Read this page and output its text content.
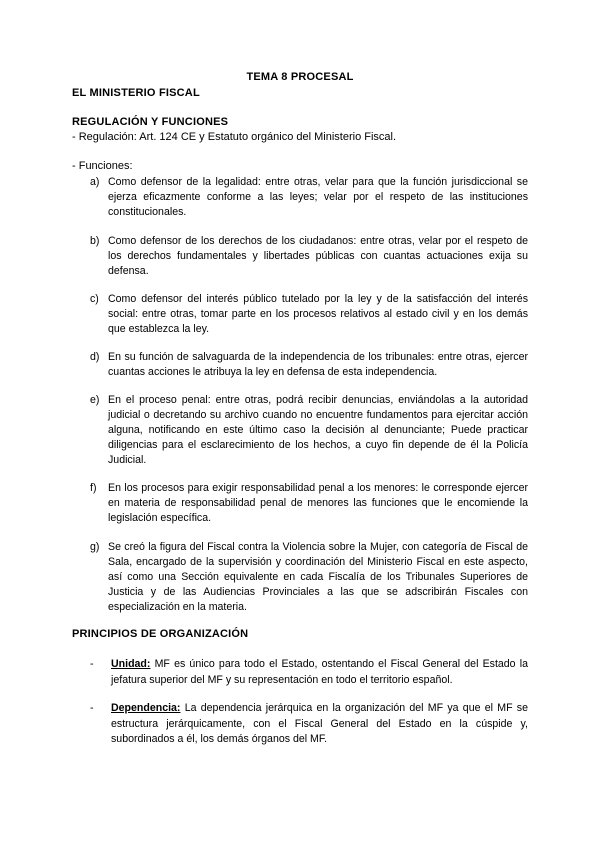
TEMA 8 PROCESAL
EL MINISTERIO FISCAL
REGULACIÓN Y FUNCIONES
- Regulación: Art. 124 CE y Estatuto orgánico del Ministerio Fiscal.
- Funciones:
a) Como defensor de la legalidad: entre otras, velar para que la función jurisdiccional se ejerza eficazmente conforme a las leyes; velar por el respeto de las instituciones constitucionales.
b) Como defensor de los derechos de los ciudadanos: entre otras, velar por el respeto de los derechos fundamentales y libertades públicas con cuantas actuaciones exija su defensa.
c) Como defensor del interés público tutelado por la ley y de la satisfacción del interés social: entre otras, tomar parte en los procesos relativos al estado civil y en los demás que establezca la ley.
d) En su función de salvaguarda de la independencia de los tribunales: entre otras, ejercer cuantas acciones le atribuya la ley en defensa de esta independencia.
e) En el proceso penal: entre otras, podrá recibir denuncias, enviándolas a la autoridad judicial o decretando su archivo cuando no encuentre fundamentos para ejercitar acción alguna, notificando en este último caso la decisión al denunciante; Puede practicar diligencias para el esclarecimiento de los hechos, a cuyo fin depende de él la Policía Judicial.
f) En los procesos para exigir responsabilidad penal a los menores: le corresponde ejercer en materia de responsabilidad penal de menores las funciones que le encomiende la legislación específica.
g) Se creó la figura del Fiscal contra la Violencia sobre la Mujer, con categoría de Fiscal de Sala, encargado de la supervisión y coordinación del Ministerio Fiscal en este aspecto, así como una Sección equivalente en cada Fiscalía de los Tribunales Superiores de Justicia y de las Audiencias Provinciales a las que se adscribirán Fiscales con especialización en la materia.
PRINCIPIOS DE ORGANIZACIÓN
- Unidad: MF es único para todo el Estado, ostentando el Fiscal General del Estado la jefatura superior del MF y su representación en todo el territorio español.
- Dependencia: La dependencia jerárquica en la organización del MF ya que el MF se estructura jerárquicamente, con el Fiscal General del Estado en la cúspide y, subordinados a él, los demás órganos del MF.
